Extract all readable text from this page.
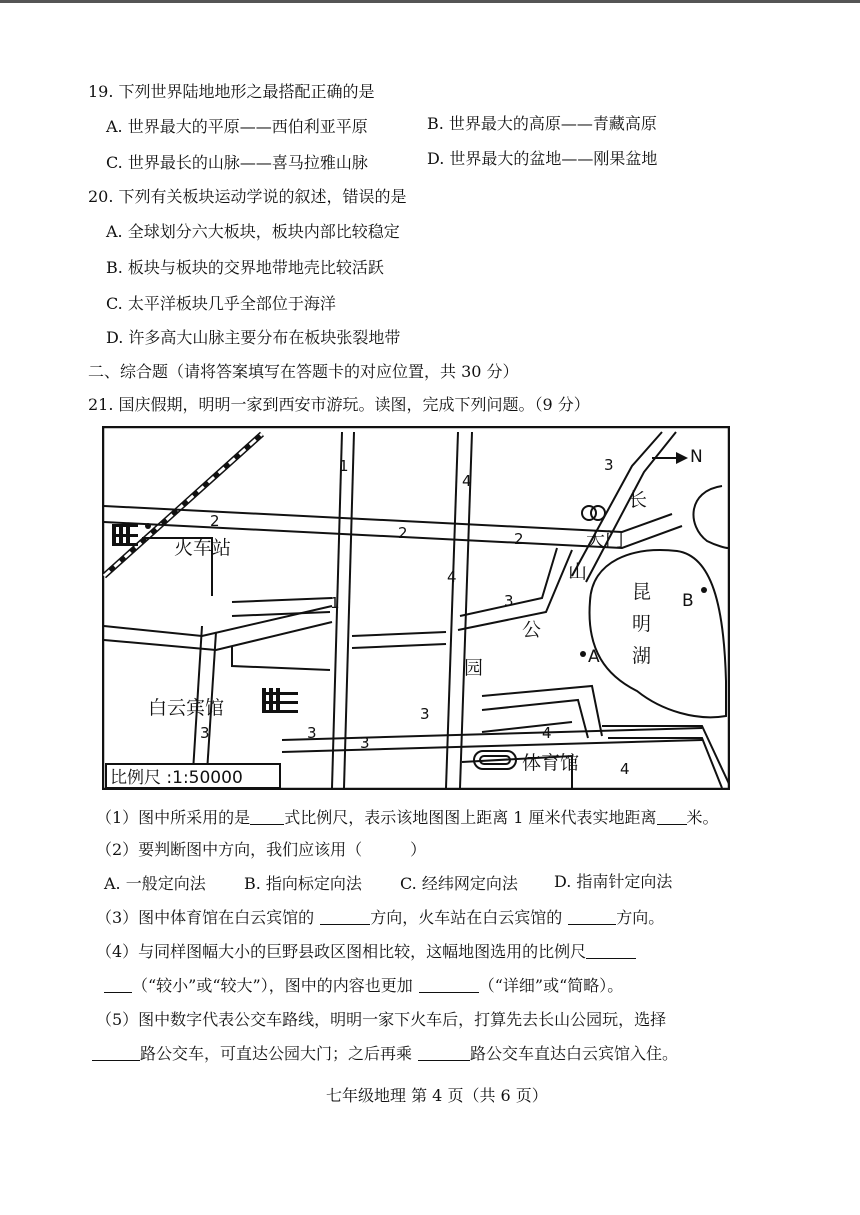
19. 下列世界陆地地形之最搭配正确的是
A. 世界最大的平原——西伯利亚平原	B. 世界最大的高原——青藏高原
C. 世界最长的山脉——喜马拉雅山脉	D. 世界最大的盆地——刚果盆地
20. 下列有关板块运动学说的叙述，错误的是
A. 全球划分六大板块，板块内部比较稳定
B. 板块与板块的交界地带地壳比较活跃
C. 太平洋板块几乎全部位于海洋
D. 许多高大山脉主要分布在板块张裂地带
二、综合题（请将答案填写在答题卡的对应位置，共 30 分）
21. 国庆假期，明明一家到西安市游玩。读图，完成下列问题。（9 分）
1
1
2
2	2
3
3
3
3
3
3
4
4
4
4
N
火车站
白云宾馆
体育馆
大门
长
山
公
园
昆
明
湖
A
B
比例尺 :1:50000
（1）图中所采用的是 式比例尺，表示该地图图上距离 1 厘米代表实地距离 米。
（2）要判断图中方向，我们应该用（　　　）
A. 一般定向法 B. 指向标定向法 C. 经纬网定向法 D. 指南针定向法
（3）图中体育馆在白云宾馆的	方向，火车站在白云宾馆的	方向。
（4）与同样图幅大小的巨野县政区图相比较，这幅地图选用的比例尺
（“较小”或“较大”），图中的内容也更加	（“详细”或“简略）。
（5）图中数字代表公交车路线，明明一家下火车后，打算先去长山公园玩，选择
路公交车，可直达公园大门；之后再乘	路公交车直达白云宾馆入住。
七年级地理 第 4 页（共 6 页）
